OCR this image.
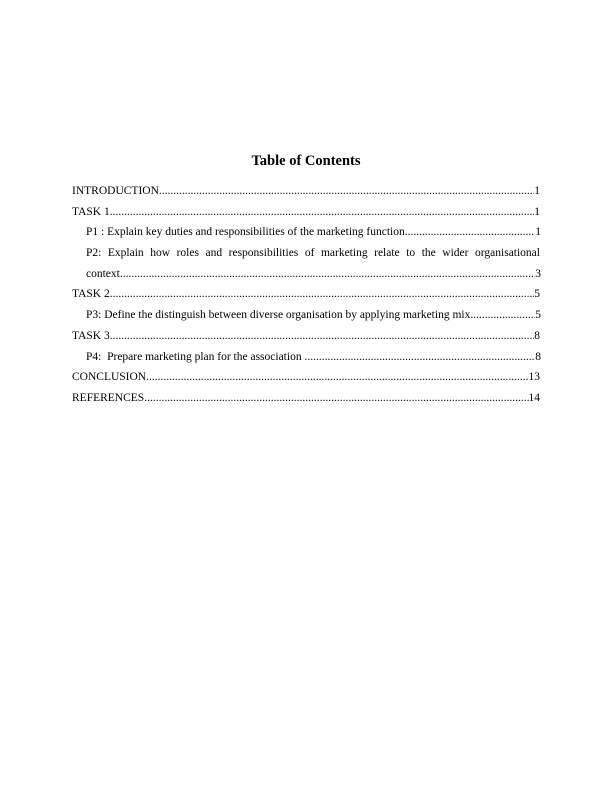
Table of Contents
INTRODUCTION .....	1
TASK 1 .....	1
P1 : Explain key duties and responsibilities of the marketing function .....	1
P2: Explain how roles and responsibilities of marketing relate to the wider organisational
context .....	3
TASK 2 .....	5
P3: Define the distinguish between diverse organisation by applying marketing mix .....	5
TASK 3 .....	8
P4:  Prepare marketing plan for the association .....	8
CONCLUSION .....	13
REFERENCES .....	14
